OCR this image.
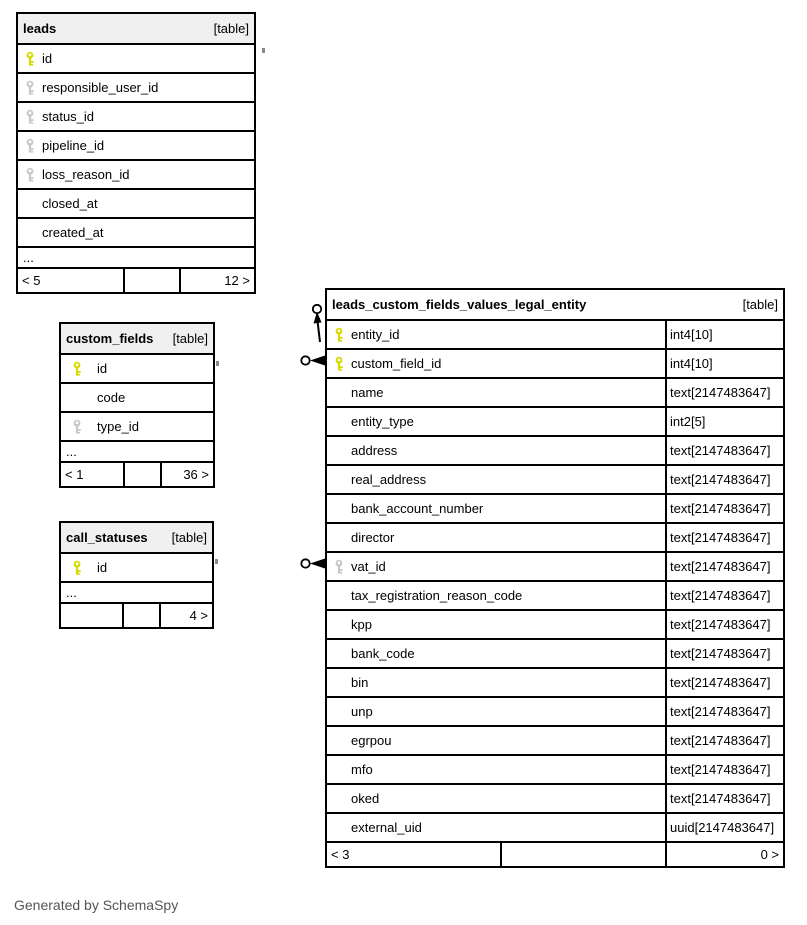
leads	[table]
id
responsible_user_id
status_id
pipeline_id
loss_reason_id
closed_at
created_at
...
< 5	12 >
custom_fields [table]
id
code
type_id
...
< 1	36 >
call_statuses [table]
id
...
4 >
leads_custom_fields_values_legal_entity	[table]
entity_id	int4[10]
custom_field_id	int4[10]
name	text[2147483647]
entity_type	int2[5]
address	text[2147483647]
real_address	text[2147483647]
bank_account_number	text[2147483647]
director	text[2147483647]
vat_id	text[2147483647]
tax_registration_reason_code	text[2147483647]
kpp	text[2147483647]
bank_code	text[2147483647]
bin	text[2147483647]
unp	text[2147483647]
egrpou	text[2147483647]
mfo	text[2147483647]
oked	text[2147483647]
external_uid	uuid[2147483647]
< 3	0 >
Generated by SchemaSpy
